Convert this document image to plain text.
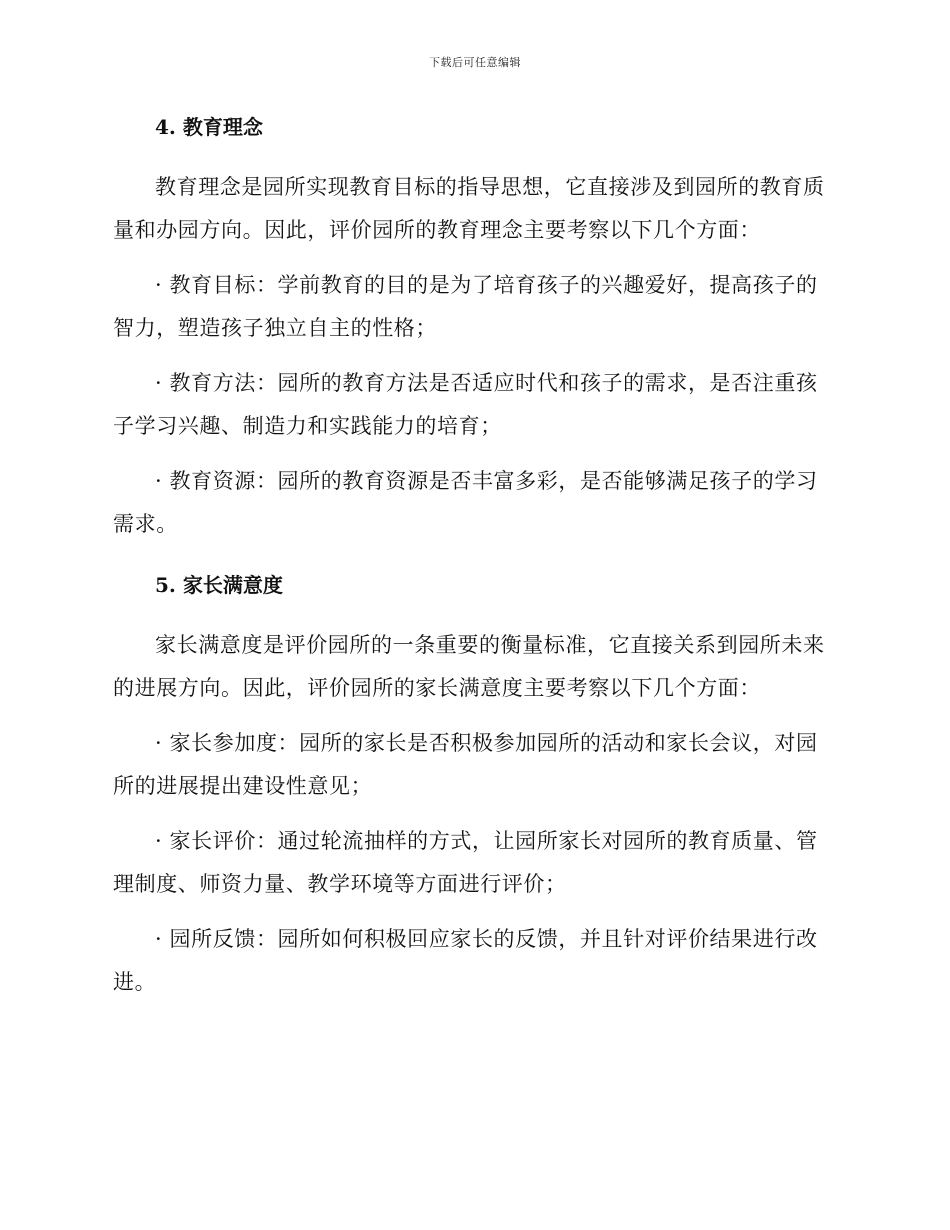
下载后可任意编辑
4. 教育理念

教育理念是园所实现教育目标的指导思想，它直接涉及到园所的教育质量和办园方向。因此，评价园所的教育理念主要考察以下几个方面：

· 教育目标：学前教育的目的是为了培育孩子的兴趣爱好，提高孩子的智力，塑造孩子独立自主的性格；

· 教育方法：园所的教育方法是否适应时代和孩子的需求，是否注重孩子学习兴趣、制造力和实践能力的培育；

· 教育资源：园所的教育资源是否丰富多彩，是否能够满足孩子的学习需求。

5. 家长满意度

家长满意度是评价园所的一条重要的衡量标准，它直接关系到园所未来的进展方向。因此，评价园所的家长满意度主要考察以下几个方面：

· 家长参加度：园所的家长是否积极参加园所的活动和家长会议，对园所的进展提出建设性意见；

· 家长评价：通过轮流抽样的方式，让园所家长对园所的教育质量、管理制度、师资力量、教学环境等方面进行评价；

· 园所反馈：园所如何积极回应家长的反馈，并且针对评价结果进行改进。
